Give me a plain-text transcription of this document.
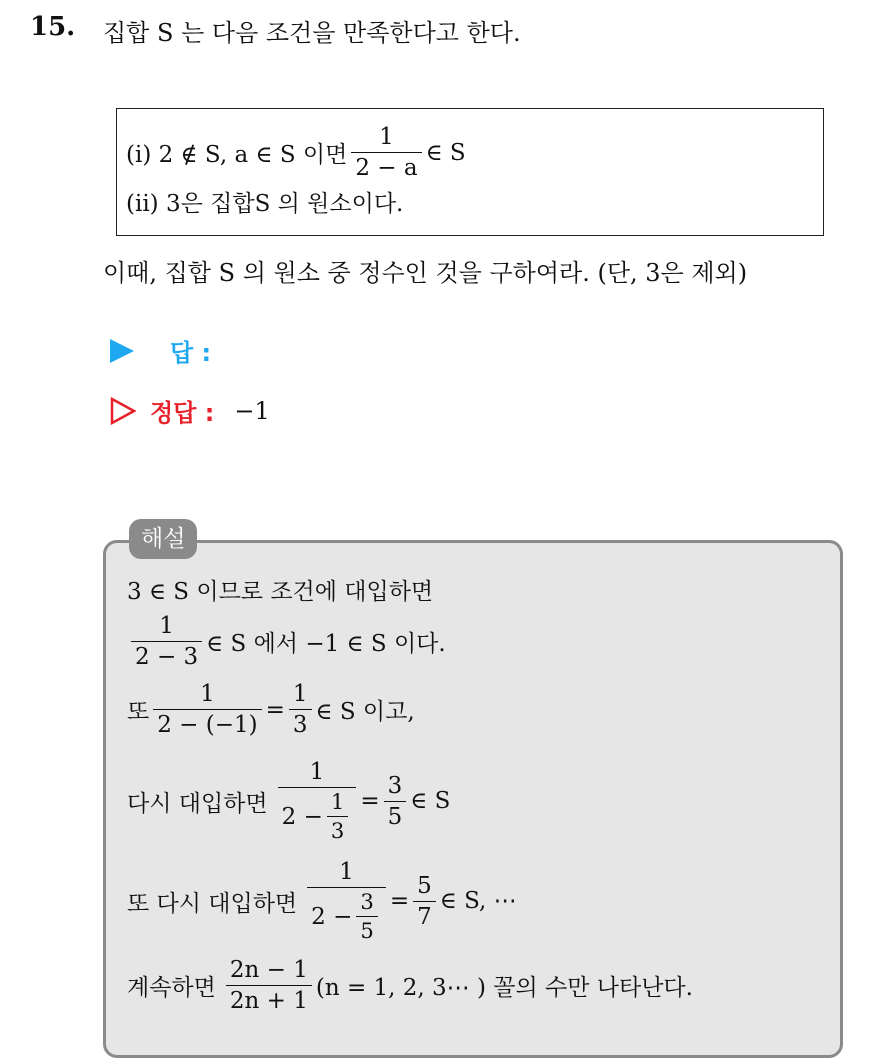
15. 집합 S 는 다음 조건을 만족한다고 한다.
(i) 2 ∉ S, a ∈ S 이면 $\frac{1}{2 - a}$ ∈ S
(ii) 3은 집합S 의 원소이다.
이때, 집합 S 의 원소 중 정수인 것을 구하여라. (단, 3은 제외)
답 :
정답 : −1
해설
3 ∈ S 이므로 조건에 대입하면
$\frac{1}{2 - 3}$ ∈ S 에서 −1 ∈ S 이다.
또 $\frac{1}{2 - (-1)} = \frac{1}{3}$ ∈ S 이고,
다시 대입하면 $\frac{1}{2 - \frac{1}{3}} = \frac{3}{5}$ ∈ S
또 다시 대입하면 $\frac{1}{2 - \frac{3}{5}} = \frac{5}{7}$ ∈ S, ⋯
계속하면 $\frac{2n - 1}{2n + 1} (n = 1$, 2, 3⋯ ) 꼴의 수만 나타난다.
